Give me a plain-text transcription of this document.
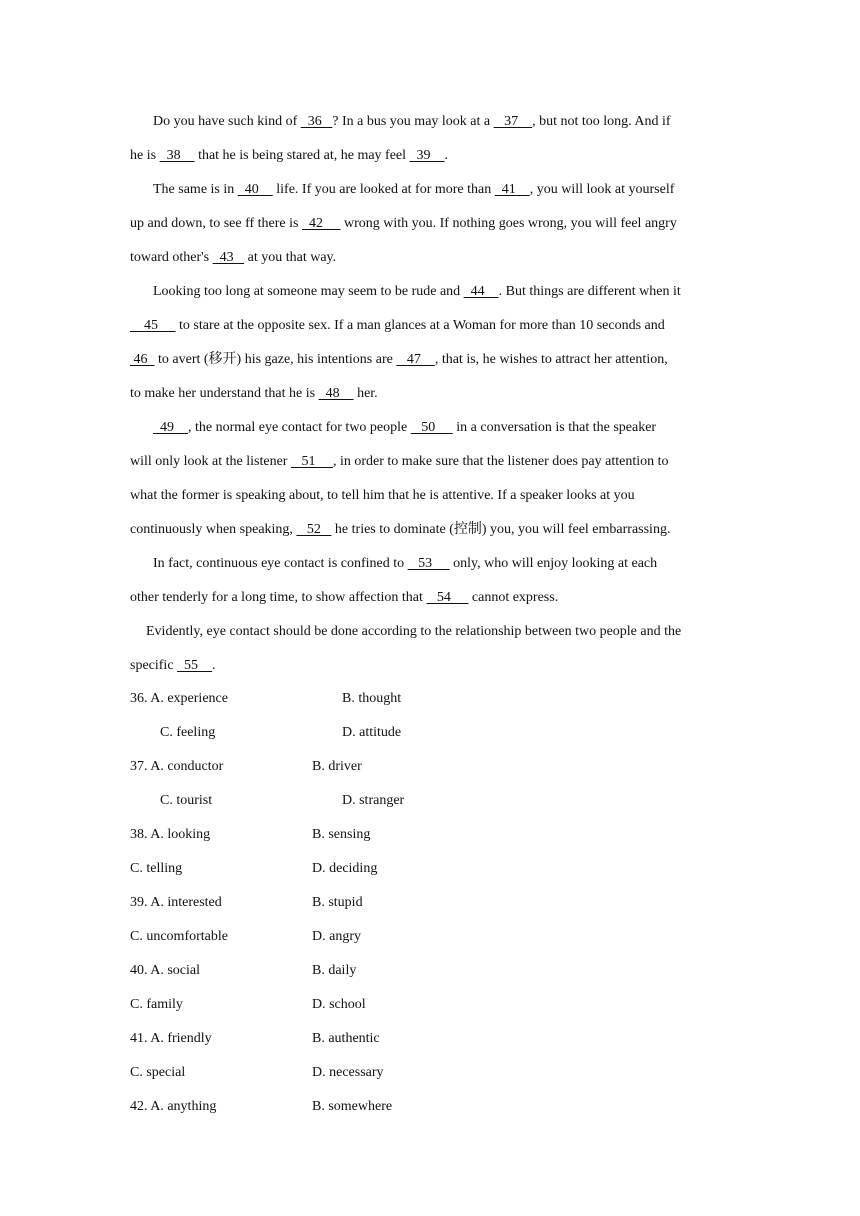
Do you have such kind of   36   ? In a bus you may look at a    37    , but not too long. And if
he is   38     that he is being stared at, he may feel   39    .
The same is in   40     life. If you are looked at for more than   41    , you will look at yourself
up and down, to see ff there is   42      wrong with you. If nothing goes wrong, you will feel angry
toward other's   43    at you that way.
Looking too long at someone may seem to be rude and   44    . But things are different when it
45      to stare at the opposite sex. If a man glances at a Woman for more than 10 seconds and
46   to avert (移开) his gaze, his intentions are    47    , that is, he wishes to attract her attention,
to make her understand that he is   48     her.
49    , the normal eye contact for two people    50      in a conversation is that the speaker
will only look at the listener    51     , in order to make sure that the listener does pay attention to
what the former is speaking about, to tell him that he is attentive. If a speaker looks at you
continuously when speaking,    52    he tries to dominate (控制) you, you will feel embarrassing.
In fact, continuous eye contact is confined to    53      only, who will enjoy looking at each
other tenderly for a long time, to show affection that    54      cannot express.
Evidently, eye contact should be done according to the relationship between two people and the
specific   55    .
36. A. experience	B. thought
C. feeling	D. attitude
37. A. conductor	B. driver
C. tourist	D. stranger
38. A. looking	B. sensing
C. telling	D. deciding
39. A. interested	B. stupid
C. uncomfortable	D. angry
40. A. social	B. daily
C. family	D. school
41. A. friendly	B. authentic
C. special	D. necessary
42. A. anything	B. somewhere
